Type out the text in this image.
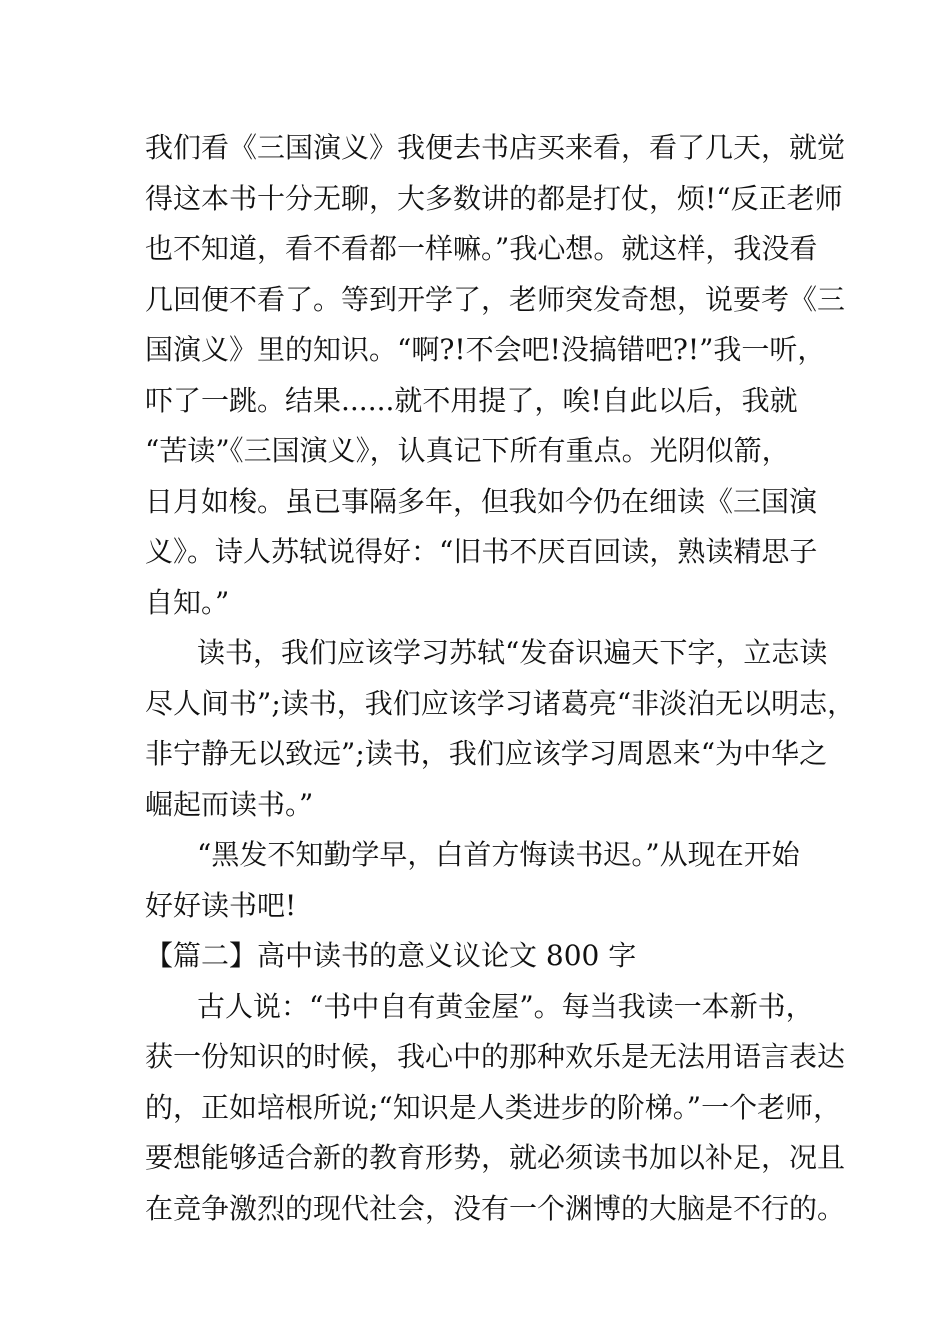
我们看《三国演义》我便去书店买来看，看了几天，就觉
得这本书十分无聊，大多数讲的都是打仗，烦!“反正老师
也不知道，看不看都一样嘛。”我心想。就这样，我没看
几回便不看了。等到开学了，老师突发奇想，说要考《三
国演义》里的知识。“啊?!不会吧!没搞错吧?!”我一听，
吓了一跳。结果......就不用提了，唉!自此以后，我就
“苦读”《三国演义》，认真记下所有重点。光阴似箭，
日月如梭。虽已事隔多年，但我如今仍在细读《三国演
义》。诗人苏轼说得好：“旧书不厌百回读，熟读精思子
自知。”

读书，我们应该学习苏轼“发奋识遍天下字，立志读
尽人间书”;读书，我们应该学习诸葛亮“非淡泊无以明志，
非宁静无以致远”;读书，我们应该学习周恩来“为中华之
崛起而读书。”

“黑发不知勤学早，白首方悔读书迟。”从现在开始
好好读书吧!

【篇二】高中读书的意义议论文 800 字

古人说：“书中自有黄金屋”。每当我读一本新书，
获一份知识的时候，我心中的那种欢乐是无法用语言表达
的，正如培根所说;“知识是人类进步的阶梯。”一个老师，
要想能够适合新的教育形势，就必须读书加以补足，况且
在竞争激烈的现代社会，没有一个渊博的大脑是不行的。
